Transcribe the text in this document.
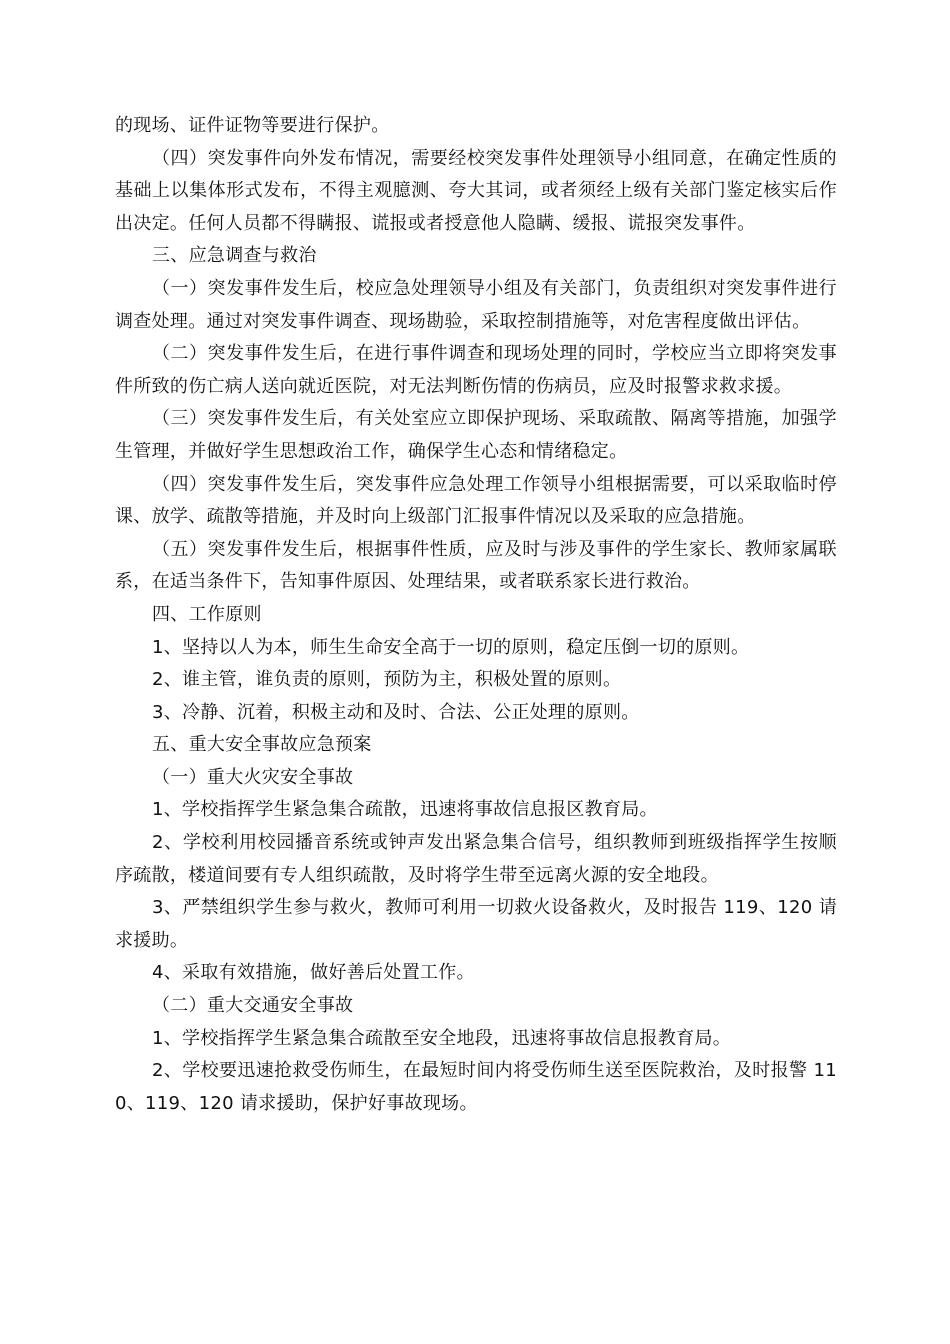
的现场、证件证物等要进行保护。

（四）突发事件向外发布情况，需要经校突发事件处理领导小组同意，在确定性质的基础上以集体形式发布，不得主观臆测、夸大其词，或者须经上级有关部门鉴定核实后作出决定。任何人员都不得瞒报、谎报或者授意他人隐瞒、缓报、谎报突发事件。

三、应急调查与救治

（一）突发事件发生后，校应急处理领导小组及有关部门，负责组织对突发事件进行调查处理。通过对突发事件调查、现场勘验，采取控制措施等，对危害程度做出评估。

（二）突发事件发生后，在进行事件调查和现场处理的同时，学校应当立即将突发事件所致的伤亡病人送向就近医院，对无法判断伤情的伤病员，应及时报警求救求援。

（三）突发事件发生后，有关处室应立即保护现场、采取疏散、隔离等措施，加强学生管理，并做好学生思想政治工作，确保学生心态和情绪稳定。

（四）突发事件发生后，突发事件应急处理工作领导小组根据需要，可以采取临时停课、放学、疏散等措施，并及时向上级部门汇报事件情况以及采取的应急措施。

（五）突发事件发生后，根据事件性质，应及时与涉及事件的学生家长、教师家属联系，在适当条件下，告知事件原因、处理结果，或者联系家长进行救治。

四、工作原则

1、坚持以人为本，师生生命安全高于一切的原则，稳定压倒一切的原则。

2、谁主管，谁负责的原则，预防为主，积极处置的原则。

3、冷静、沉着，积极主动和及时、合法、公正处理的原则。

五、重大安全事故应急预案

（一）重大火灾安全事故

1、学校指挥学生紧急集合疏散，迅速将事故信息报区教育局。

2、学校利用校园播音系统或钟声发出紧急集合信号，组织教师到班级指挥学生按顺序疏散，楼道间要有专人组织疏散，及时将学生带至远离火源的安全地段。

3、严禁组织学生参与救火，教师可利用一切救火设备救火，及时报告 119、120 请求援助。

4、采取有效措施，做好善后处置工作。

（二）重大交通安全事故

1、学校指挥学生紧急集合疏散至安全地段，迅速将事故信息报教育局。

2、学校要迅速抢救受伤师生，在最短时间内将受伤师生送至医院救治，及时报警 110、119、120 请求援助，保护好事故现场。
